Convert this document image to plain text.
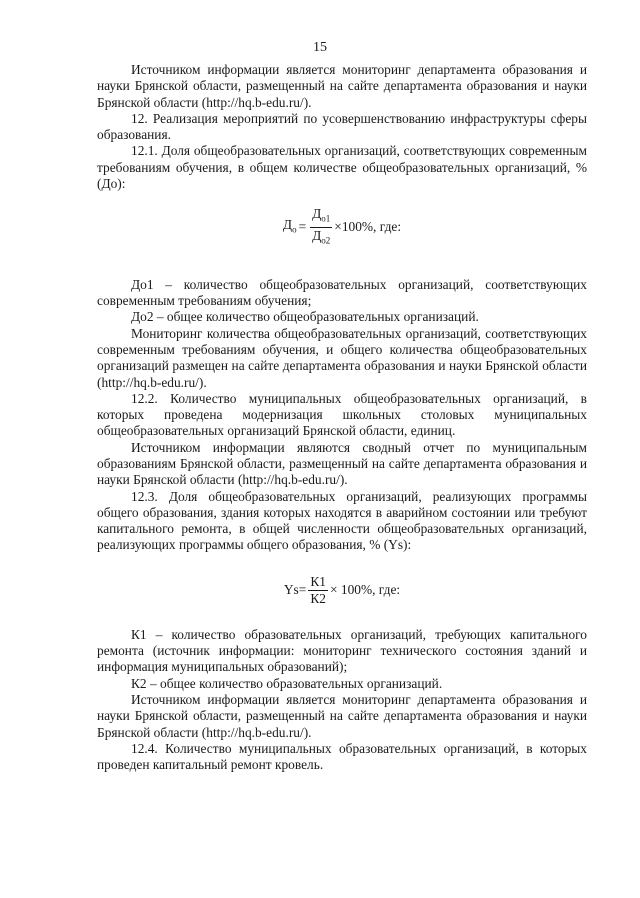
15

Источником информации является мониторинг департамента образования и науки Брянской области, размещенный на сайте департамента образования и науки Брянской области (http://hq.b-edu.ru/).

12. Реализация мероприятий по усовершенствованию инфраструктуры сферы образования.

12.1. Доля общеобразовательных организаций, соответствующих современным требованиям обучения, в общем количестве общеобразовательных организаций, % (До):

$Д_о = \frac{Д_{о1}}{Д_{о2}} \times 100\%$, где:

До1 – количество общеобразовательных организаций, соответствующих современным требованиям обучения;

До2 – общее количество общеобразовательных организаций.

Мониторинг количества общеобразовательных организаций, соответствующих современным требованиям обучения, и общего количества общеобразовательных организаций размещен на сайте департамента образования и науки Брянской области (http://hq.b-edu.ru/).

12.2. Количество муниципальных общеобразовательных организаций, в которых проведена модернизация школьных столовых муниципальных общеобразовательных организаций Брянской области, единиц.

Источником информации являются сводный отчет по муниципальным образованиям Брянской области, размещенный на сайте департамента образования и науки Брянской области (http://hq.b-edu.ru/).

12.3. Доля общеобразовательных организаций, реализующих программы общего образования, здания которых находятся в аварийном состоянии или требуют капитального ремонта, в общей численности общеобразовательных организаций, реализующих программы общего образования, % (Ys):

$Ys= \frac{К1}{К2} \times 100\%$, где:

К1 – количество образовательных организаций, требующих капитального ремонта (источник информации: мониторинг технического состояния зданий и информация муниципальных образований);

К2 – общее количество образовательных организаций.

Источником информации является мониторинг департамента образования и науки Брянской области, размещенный на сайте департамента образования и науки Брянской области (http://hq.b-edu.ru/).

12.4. Количество муниципальных образовательных организаций, в которых проведен капитальный ремонт кровель.
